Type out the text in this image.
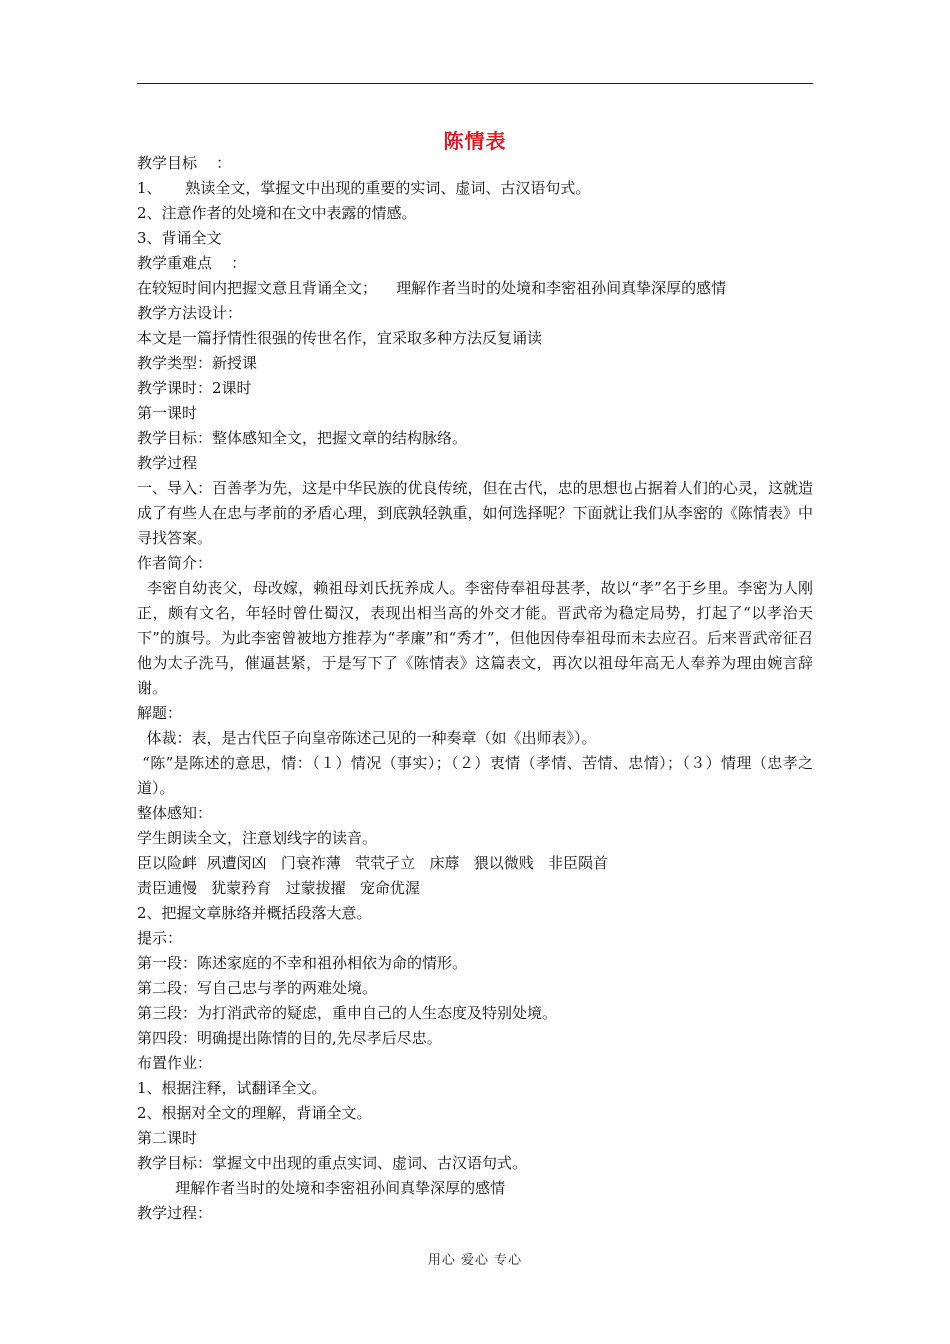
陈情表

教学目标    ：

1、     熟读全文，掌握文中出现的重要的实词、虚词、古汉语句式。

2、注意作者的处境和在文中表露的情感。

3、背诵全文

教学重难点    ：

在较短时间内把握文意且背诵全文；    理解作者当时的处境和李密祖孙间真挚深厚的感情

教学方法设计：

本文是一篇抒情性很强的传世名作，宜采取多种方法反复诵读

教学类型：新授课

教学课时：2课时

第一课时

教学目标：整体感知全文，把握文章的结构脉络。

教学过程

一、导入：百善孝为先，这是中华民族的优良传统，但在古代，忠的思想也占据着人们的心灵，这就造成了有些人在忠与孝前的矛盾心理，到底孰轻孰重，如何选择呢？下面就让我们从李密的《陈情表》中寻找答案。

作者简介：

李密自幼丧父，母改嫁，赖祖母刘氏抚养成人。李密侍奉祖母甚孝，故以“孝”名于乡里。李密为人刚正，颇有文名，年轻时曾仕蜀汉，表现出相当高的外交才能。晋武帝为稳定局势，打起了“以孝治天下”的旗号。为此李密曾被地方推荐为“孝廉”和“秀才”，但他因侍奉祖母而未去应召。后来晋武帝征召他为太子洗马，催逼甚紧，于是写下了《陈情表》这篇表文，再次以祖母年高无人奉养为理由婉言辞谢。

解题：

体裁：表，是古代臣子向皇帝陈述己见的一种奏章（如《出师表》）。

“陈”是陈述的意思，情：（１）情况（事实）；（２）衷情（孝情、苦情、忠情）；（３）情理（忠孝之道）。

整体感知：

学生朗读全文，注意划线字的读音。

臣以险衅  夙遭闵凶   门衰祚薄   茕茕孑立   床蓐   猥以微贱   非臣陨首

责臣逋慢   犹蒙矜育   过蒙拔擢   宠命优渥

2、把握文章脉络并概括段落大意。

提示：

第一段：陈述家庭的不幸和祖孙相依为命的情形。

第二段：写自己忠与孝的两难处境。

第三段：为打消武帝的疑虑，重申自己的人生态度及特别处境。

第四段：明确提出陈情的目的,先尽孝后尽忠。

布置作业：

1、根据注释，试翻译全文。

2、根据对全文的理解，背诵全文。

第二课时

教学目标：掌握文中出现的重点实词、虚词、古汉语句式。

理解作者当时的处境和李密祖孙间真挚深厚的感情

教学过程：

用心 爱心 专心
